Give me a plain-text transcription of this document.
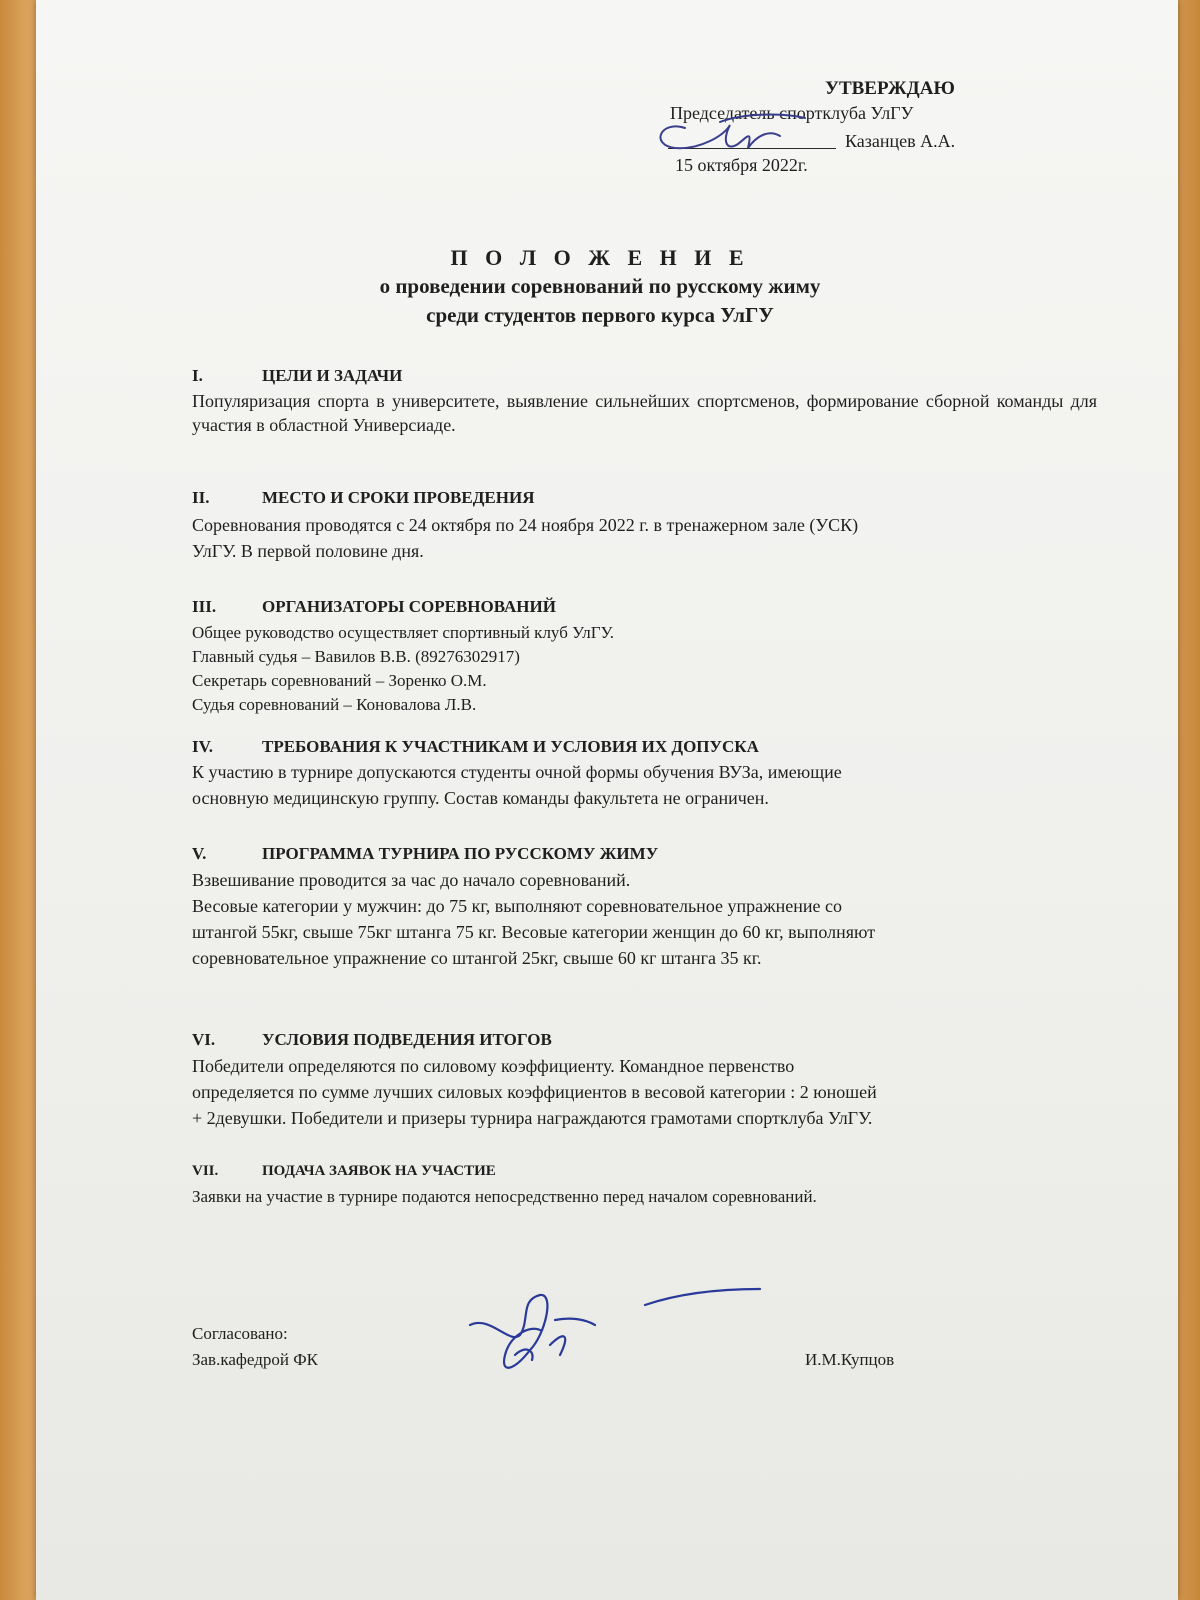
УТВЕРЖДАЮ
Председатель спортклуба УлГУ
Казанцев А.А.
15 октября 2022г.
П О Л О Ж Е Н И Е
о проведении соревнований по русскому жиму
среди студентов первого курса УлГУ
I.	ЦЕЛИ И ЗАДАЧИ
Популяризация спорта в университете, выявление сильнейших спортсменов, формирование сборной команды для участия в областной Универсиаде.
II.	МЕСТО И СРОКИ ПРОВЕДЕНИЯ
Соревнования проводятся с 24 октября по 24 ноября 2022 г. в тренажерном зале (УСК)
УлГУ. В первой половине дня.
III.	ОРГАНИЗАТОРЫ СОРЕВНОВАНИЙ
Общее руководство осуществляет спортивный клуб УлГУ.
Главный судья – Вавилов В.В. (89276302917)
Секретарь соревнований – Зоренко О.М.
Судья соревнований – Коновалова Л.В.
IV.	ТРЕБОВАНИЯ К УЧАСТНИКАМ И УСЛОВИЯ ИХ ДОПУСКА
К участию в турнире допускаются студенты очной формы обучения ВУЗа, имеющие
основную медицинскую группу. Состав команды факультета не ограничен.
V.	ПРОГРАММА ТУРНИРА ПО РУССКОМУ ЖИМУ
Взвешивание проводится за час до начало соревнований.
Весовые категории у мужчин: до 75 кг, выполняют соревновательное упражнение со
штангой 55кг, свыше 75кг штанга 75 кг. Весовые категории женщин до 60 кг, выполняют
соревновательное упражнение со штангой 25кг, свыше 60 кг штанга 35 кг.
VI.	УСЛОВИЯ ПОДВЕДЕНИЯ ИТОГОВ
Победители определяются по силовому коэффициенту. Командное первенство
определяется по сумме лучших силовых коэффициентов в весовой категории : 2 юношей
+ 2девушки. Победители и призеры турнира награждаются грамотами спортклуба УлГУ.
VII.	ПОДАЧА ЗАЯВОК НА УЧАСТИЕ
Заявки на участие в турнире подаются непосредственно перед началом соревнований.
Согласовано:
Зав.кафедрой ФК	И.М.Купцов
